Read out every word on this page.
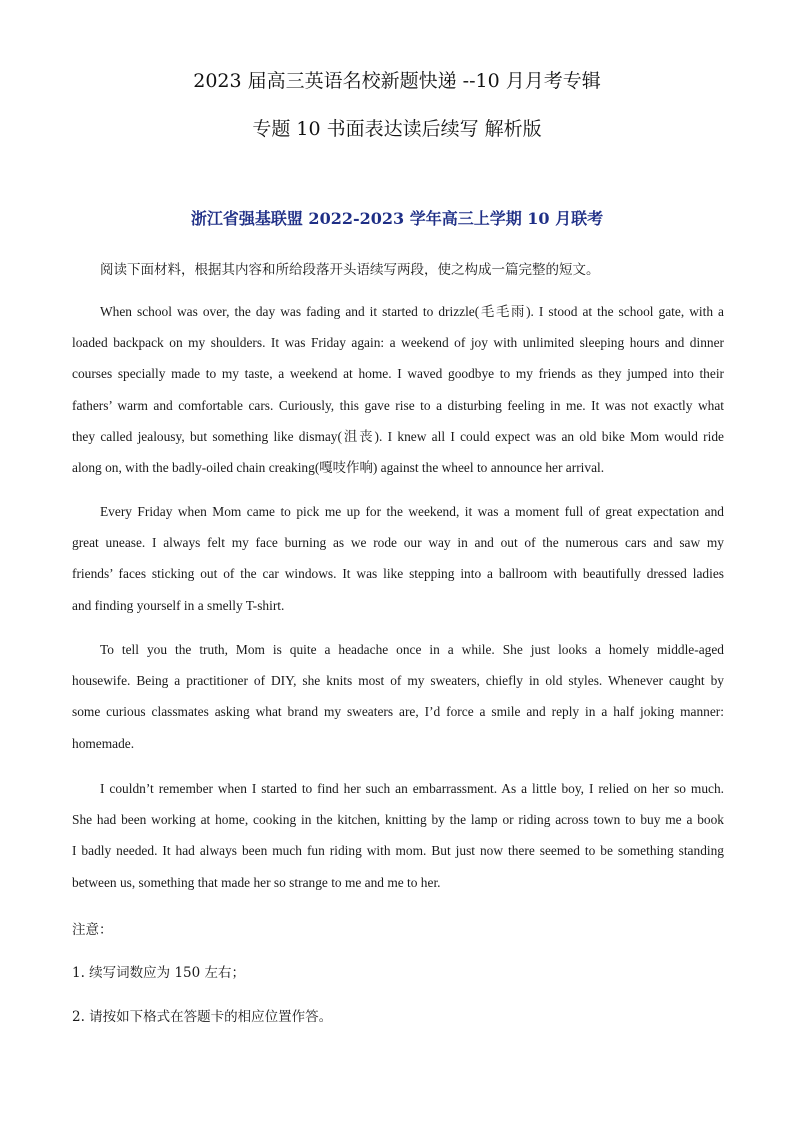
2023 届高三英语名校新题快递 --10 月月考专辑
专题 10 书面表达读后续写 解析版
浙江省强基联盟 2022-2023 学年高三上学期 10 月联考
阅读下面材料，根据其内容和所给段落开头语续写两段，使之构成一篇完整的短文。
When school was over, the day was fading and it started to drizzle(毛毛雨). I stood at the school gate, with a
loaded backpack on my shoulders. It was Friday again: a weekend of joy with unlimited sleeping hours and dinner
courses specially made to my taste, a weekend at home. I waved goodbye to my friends as they jumped into their
fathers’ warm and comfortable cars. Curiously, this gave rise to a disturbing feeling in me. It was not exactly what
they called jealousy, but something like dismay(沮丧). I knew all I could expect was an old bike Mom would ride
along on, with the badly-oiled chain creaking(嘎吱作响) against the wheel to announce her arrival.
Every Friday when Mom came to pick me up for the weekend, it was a moment full of great expectation and
great unease. I always felt my face burning as we rode our way in and out of the numerous cars and saw my
friends’ faces sticking out of the car windows. It was like stepping into a ballroom with beautifully dressed ladies
and finding yourself in a smelly T-shirt.
To tell you the truth, Mom is quite a headache once in a while. She just looks a homely middle-aged
housewife. Being a practitioner of DIY, she knits most of my sweaters, chiefly in old styles. Whenever caught by
some curious classmates asking what brand my sweaters are, I’d force a smile and reply in a half joking manner:
homemade.
I couldn’t remember when I started to find her such an embarrassment. As a little boy, I relied on her so much.
She had been working at home, cooking in the kitchen, knitting by the lamp or riding across town to buy me a book
I badly needed. It had always been much fun riding with mom. But just now there seemed to be something standing
between us, something that made her so strange to me and me to her.
注意：
1. 续写词数应为 150 左右；
2. 请按如下格式在答题卡的相应位置作答。
